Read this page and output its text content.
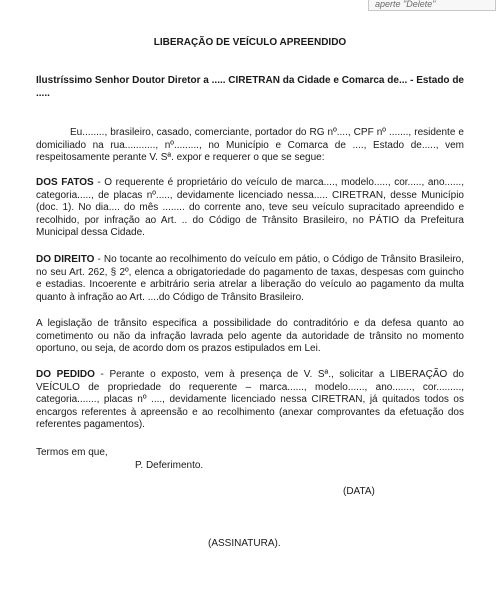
aperte "Delete"
LIBERAÇÃO DE VEÍCULO APREENDIDO
Ilustríssimo Senhor Doutor Diretor a ..... CIRETRAN da Cidade e Comarca de... - Estado de .....
Eu........, brasileiro, casado, comerciante, portador do RG nº...., CPF nº ......., residente e domiciliado na rua..........., nº........., no Município e Comarca de ...., Estado de....., vem respeitosamente perante V. Sª. expor e requerer o que se segue:
DOS FATOS - O requerente é proprietário do veículo de marca...., modelo....., cor....., ano......, categoria....., de placas nº....., devidamente licenciado nessa..... CIRETRAN, desse Município (doc. 1). No dia.... do mês ........ do corrente ano, teve seu veículo supracitado apreendido e recolhido, por infração ao Art. .. do Código de Trânsito Brasileiro, no PÁTIO da Prefeitura Municipal dessa Cidade.
DO DIREITO - No tocante ao recolhimento do veículo em pátio, o Código de Trânsito Brasileiro, no seu Art. 262, § 2º, elenca a obrigatoriedade do pagamento de taxas, despesas com guincho e estadias. Incoerente e arbitrário seria atrelar a liberação do veículo ao pagamento da multa quanto à infração ao Art. ....do Código de Trânsito Brasileiro.
A legislação de trânsito especifica a possibilidade do contraditório e da defesa quanto ao cometimento ou não da infração lavrada pelo agente da autoridade de trânsito no momento oportuno, ou seja, de acordo dom os prazos estipulados em Lei.
DO PEDIDO - Perante o exposto, vem à presença de V. Sª., solicitar a LIBERAÇÃO do VEÍCULO de propriedade do requerente – marca......, modelo......, ano......., cor........., categoria......., placas nº ...., devidamente licenciado nessa CIRETRAN, já quitados todos os encargos referentes à apreensão e ao recolhimento (anexar comprovantes da efetuação dos referentes pagamentos).
Termos em que,
P. Deferimento.
(DATA)
(ASSINATURA).
